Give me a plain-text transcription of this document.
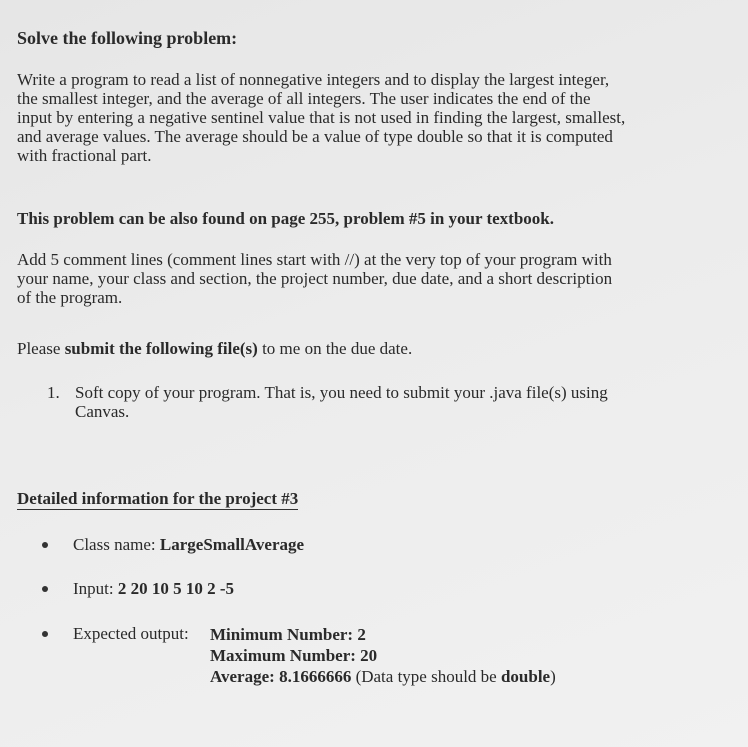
Solve the following problem:
Write a program to read a list of nonnegative integers and to display the largest integer,
the smallest integer, and the average of all integers. The user indicates the end of the
input by entering a negative sentinel value that is not used in finding the largest, smallest,
and average values. The average should be a value of type double so that it is computed
with fractional part.
This problem can be also found on page 255, problem #5 in your textbook.
Add 5 comment lines (comment lines start with //) at the very top of your program with
your name, your class and section, the project number, due date, and a short description
of the program.
Please submit the following file(s) to me on the due date.
1. Soft copy of your program. That is, you need to submit your .java file(s) using
Canvas.
Detailed information for the project #3
Class name: LargeSmallAverage
Input: 2 20 10 5 10 2 -5
Expected output: Minimum Number: 2
Maximum Number: 20
Average: 8.1666666 (Data type should be double)
